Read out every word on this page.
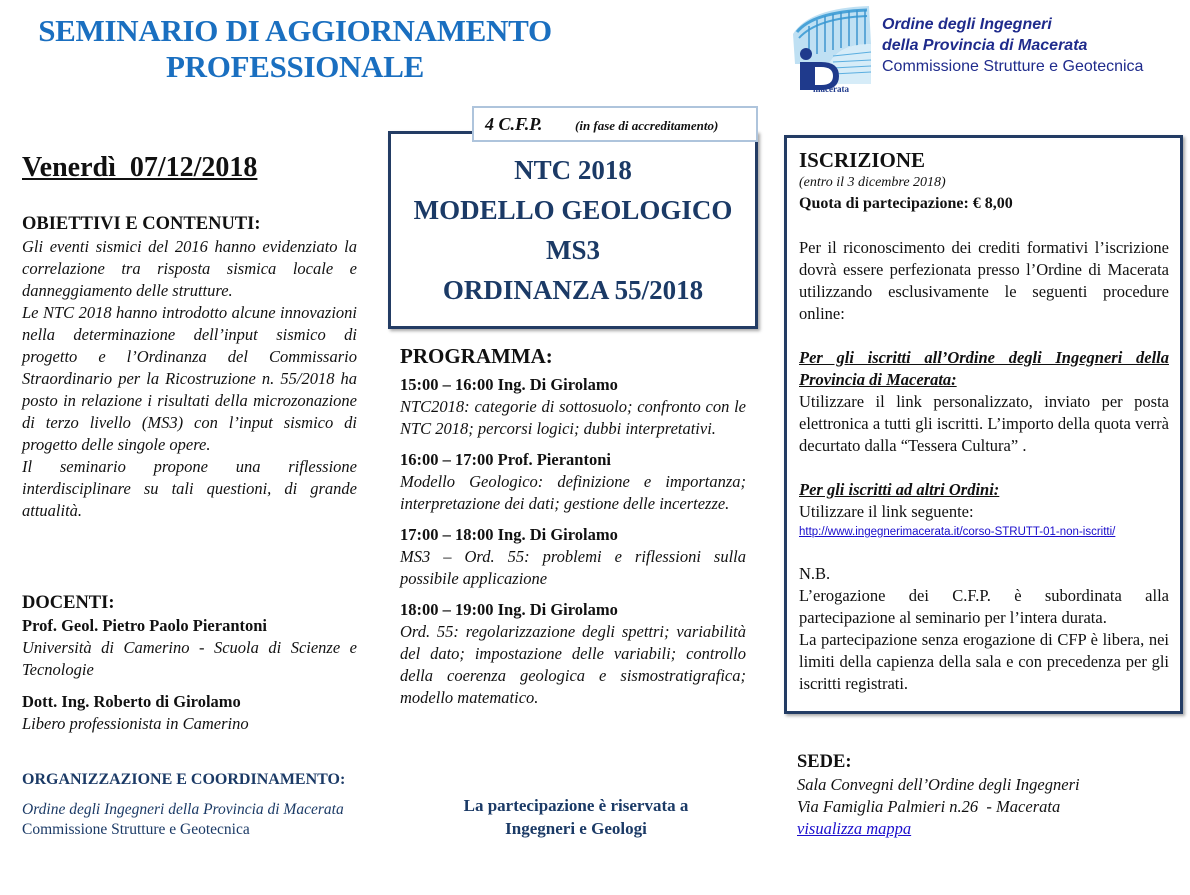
SEMINARIO DI AGGIORNAMENTO
PROFESSIONALE
macerata
Ordine degli Ingegneri
della Provincia di Macerata
Commissione Strutture e Geotecnica
Venerdì  07/12/2018
OBIETTIVI E CONTENUTI:
Gli eventi sismici del 2016 hanno evidenziato la correlazione tra risposta sismica locale e danneggiamento delle strutture.
Le NTC 2018 hanno introdotto alcune innovazioni nella determinazione dell’input sismico di progetto e l’Ordinanza del Commissario Straordinario per la Ricostruzione n. 55/2018 ha posto in relazione i risultati della microzonazione di terzo livello (MS3) con l’input sismico di progetto delle singole opere.
Il seminario propone una riflessione interdisciplinare su tali questioni, di grande attualità.
DOCENTI:
Prof. Geol. Pietro Paolo Pierantoni
Università di Camerino - Scuola di Scienze e Tecnologie
Dott. Ing. Roberto di Girolamo
Libero professionista in Camerino
ORGANIZZAZIONE E COORDINAMENTO:
Ordine degli Ingegneri della Provincia di Macerata
Commissione Strutture e Geotecnica
NTC 2018
MODELLO GEOLOGICO
MS3
ORDINANZA 55/2018
4 C.F.P.	(in fase di accreditamento)
PROGRAMMA:
15:00 – 16:00 Ing. Di Girolamo
NTC2018: categorie di sottosuolo; confronto con le NTC 2018; percorsi logici; dubbi interpretativi.
16:00 – 17:00 Prof. Pierantoni
Modello Geologico: definizione e importanza; interpretazione dei dati; gestione delle incertezze.
17:00 – 18:00 Ing. Di Girolamo
MS3 – Ord. 55: problemi e riflessioni sulla possibile applicazione
18:00 – 19:00 Ing. Di Girolamo
Ord. 55: regolarizzazione degli spettri; variabilità del dato; impostazione delle variabili; controllo della coerenza geologica e sismostratigrafica; modello matematico.
La partecipazione è riservata a
Ingegneri e Geologi
ISCRIZIONE
(entro il 3 dicembre 2018)
Quota di partecipazione: € 8,00
Per il riconoscimento dei crediti formativi l’iscrizione dovrà essere perfezionata presso l’Ordine di Macerata utilizzando esclusivamente le seguenti procedure online:
Per gli iscritti all’Ordine degli Ingegneri della Provincia di Macerata:
Utilizzare il link personalizzato, inviato per posta elettronica a tutti gli iscritti. L’importo della quota verrà decurtato dalla “Tessera Cultura” .
Per gli iscritti ad altri Ordini:
Utilizzare il link seguente:
http://www.ingegnerimacerata.it/corso-STRUTT-01-non-iscritti/
N.B.
L’erogazione dei C.F.P. è subordinata alla partecipazione al seminario per l’intera durata.
La partecipazione senza erogazione di CFP è libera, nei limiti della capienza della sala e con precedenza per gli iscritti registrati.
SEDE:
Sala Convegni dell’Ordine degli Ingegneri
Via Famiglia Palmieri n.26  - Macerata
visualizza mappa
